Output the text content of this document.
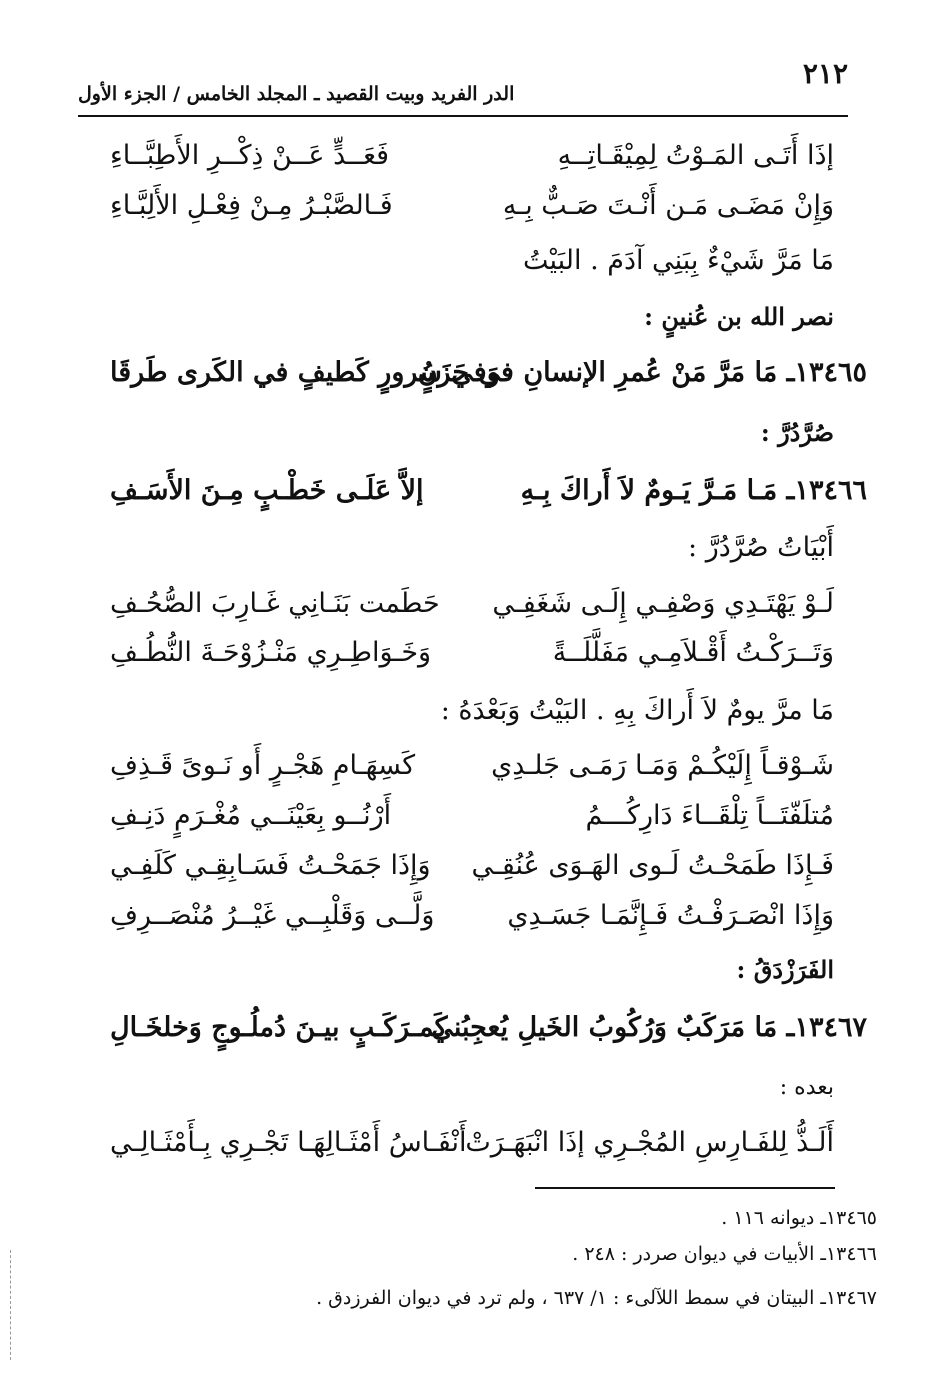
٢١٢
الدر الفريد وبيت القصيد ـ المجلد الخامس / الجزء الأول
إذَا أَتَـى المَـوْتُ لِمِيْقَـاتِــهِ
فَعَــدٍّ عَــنْ ذِكْــرِ الأَطِبَّــاءِ
وَإِنْ مَضَـى مَـن أَنْـتَ صَـبٌّ بِـهِ
فَـالصَّبْـرُ مِـنْ فِعْـلِ الأَلِبَّـاءِ
مَا مَرَّ شَيْءٌ بِبَنِي آدَمَ . البَيْتُ
نصر الله بن عُنينٍ :
١٣٤٦٥ـ مَا مَرَّ مَنْ عُمرِ الإنسانِ في حَزَنٍ
وَفي سُرورٍ كَطيفٍ في الكَرى طَرقَا
صُرَّدُرَّ :
١٣٤٦٦ـ مَـا مَـرَّ يَـومٌ لاَ أَراكَ بِـهِ
إلاَّ عَلَـى خَطْـبٍ مِـنَ الأَسَـفِ
أَبْيَاتُ صُرَّدُرَّ :
لَـوْ يَهْتَـدِي وَصْفِـي إِلَـى شَغَفِـي
حَطَمت بَنَـانِي غَـارِبَ الصُّحُـفِ
وَتَــرَكْـتُ أَقْـلاَمِـي مَفَلَّلَــةً
وَخَـوَاطِـرِي مَنْـزُوْحَـةَ النُّطُـفِ
مَا مرَّ يومٌ لاَ أَراكَ بِهِ . البَيْتُ وَبَعْدَهُ :
شَـوْقـاً إِلَيْكُـمْ وَمَـا رَمَـى جَلـدِي
كَسِهَـامِ هَجْـرٍ أَو نَـوىً قَـذِفِ
مُتلَفّتَــاً تِلْقَــاءَ دَارِكُـــمُ
أَرْنُــو بِعَيْنَــي مُغْـرَمٍ دَنِـفِ
فَـإِذَا طَمَحْـتُ لَـوى الهَـوَى عُنُقِـي
وَإِذَا جَمَحْـتُ فَسَـابِقِـي كَلَفِـي
وَإِذَا انْصَـرَفْـتُ فَـإِنَّمَـا جَسَـدِي
وَلَّــى وَقَلْبِــي غَيْــرُ مُنْصَــرِفِ
الفَرَزْدَقُ :
١٣٤٦٧ـ مَا مَرَكَبٌ وَرُكُوبُ الخَيلِ يُعجِبُني
كَمـرَكَـبٍ بيـنَ دُملُـوجٍ وَخلخَـالِ
بعده :
أَلَـذُّ لِلفَـارِسِ المُجْـرِي إذَا انْبَهَـرَتْ
أَنْفَـاسُ أَمْثَـالِهَـا تَجْـرِي بِـأَمْثَـالِـي
١٣٤٦٥ـ ديوانه ١١٦ .
١٣٤٦٦ـ الأبيات في ديوان صردر : ٢٤٨ .
١٣٤٦٧ـ البيتان في سمط اللآلىء : ١/ ٦٣٧ ، ولم ترد في ديوان الفرزدق .
